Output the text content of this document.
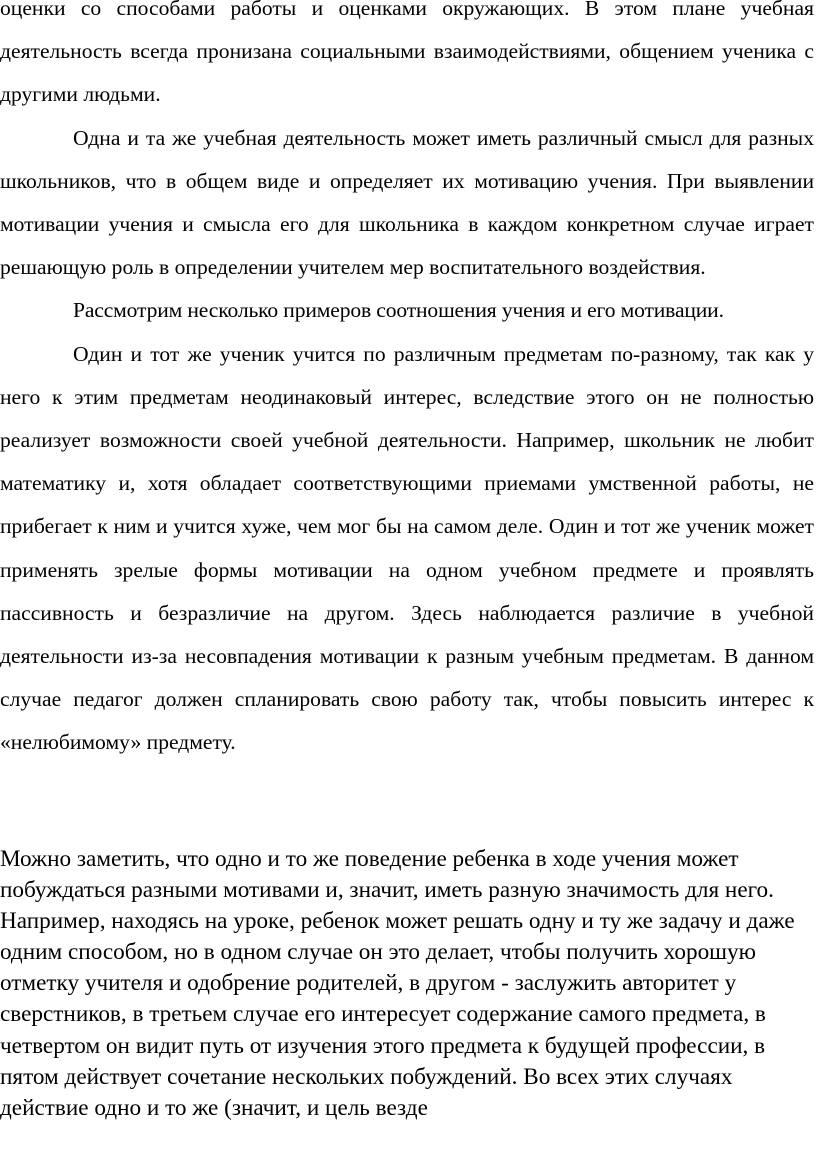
оценки со способами работы и оценками окружающих. В этом плане учебная деятельность всегда пронизана социальными взаимодействиями, общением ученика с другими людьми.

Одна и та же учебная деятельность может иметь различный смысл для разных школьников, что в общем виде и определяет их мотивацию учения. При выявлении мотивации учения и смысла его для школьника в каждом конкретном случае играет решающую роль в определении учителем мер воспитательного воздействия.

Рассмотрим несколько примеров соотношения учения и его мотивации.

Один и тот же ученик учится по различным предметам по-разному, так как у него к этим предметам неодинаковый интерес, вследствие этого он не полностью реализует возможности своей учебной деятельности. Например, школьник не любит математику и, хотя обладает соответствующими приемами умственной работы, не прибегает к ним и учится хуже, чем мог бы на самом деле. Один и тот же ученик может применять зрелые формы мотивации на одном учебном предмете и проявлять пассивность и безразличие на другом. Здесь наблюдается различие в учебной деятельности из-за несовпадения мотивации к разным учебным предметам. В данном случае педагог должен спланировать свою работу так, чтобы повысить интерес к «нелюбимому» предмету.

Можно заметить, что одно и то же поведение ребенка в ходе учения может побуждаться разными мотивами и, значит, иметь разную значимость для него. Например, находясь на уроке, ребенок может решать одну и ту же задачу и даже одним способом, но в одном случае он это делает, чтобы получить хорошую отметку учителя и одобрение родителей, в другом - заслужить авторитет у сверстников, в третьем случае его интересует содержание самого предмета, в четвертом он видит путь от изучения этого предмета к будущей профессии, в пятом действует сочетание нескольких побуждений. Во всех этих случаях действие одно и то же (значит, и цель везде
